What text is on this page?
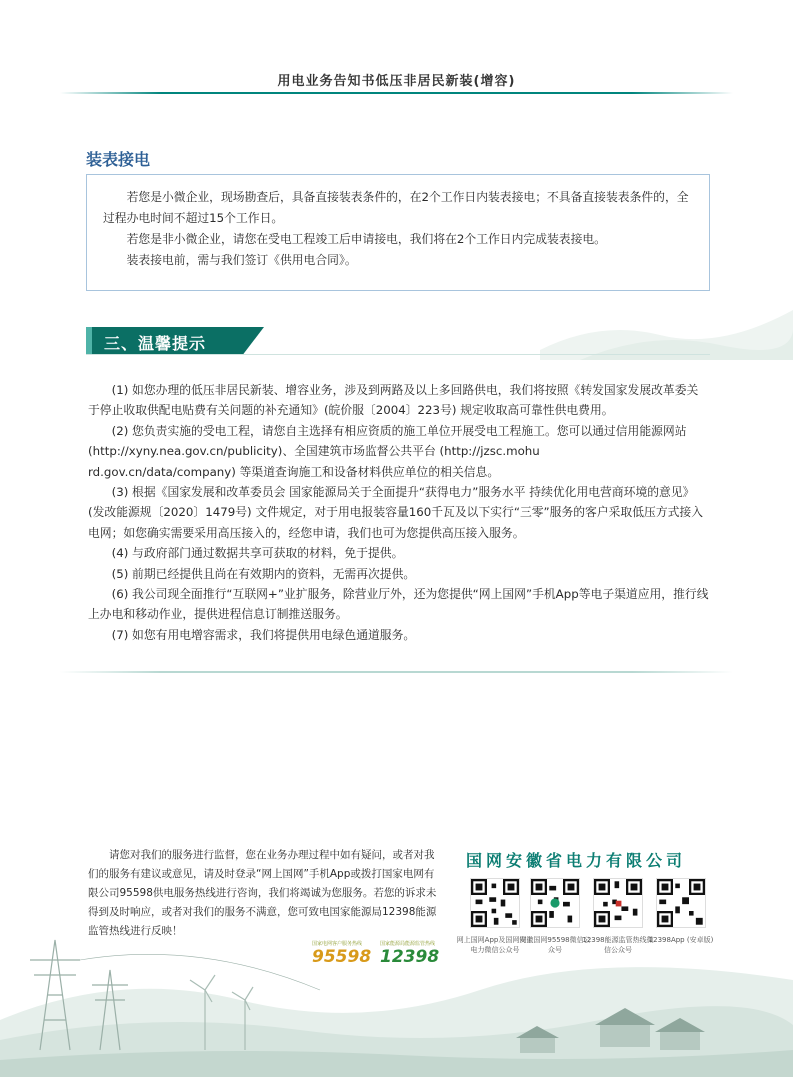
用电业务告知书低压非居民新装(增容)
装表接电

若您是小微企业，现场勘查后，具备直接装表条件的，在2个工作日内装表接电；不具备直接装表条件的，全过程办电时间不超过15个工作日。

若您是非小微企业，请您在受电工程竣工后申请接电，我们将在2个工作日内完成装表接电。

装表接电前，需与我们签订《供用电合同》。

三、温馨提示

(1) 如您办理的低压非居民新装、增容业务，涉及到两路及以上多回路供电，我们将按照《转发国家发展改革委关于停止收取供配电贴费有关问题的补充通知》(皖价服〔2004〕223号) 规定收取高可靠性供电费用。

(2) 您负责实施的受电工程，请您自主选择有相应资质的施工单位开展受电工程施工。您可以通过信用能源网站 (http://xyny.nea.gov.cn/publicity)、全国建筑市场监督公共平台 (http://jzsc.mohu

rd.gov.cn/data/company) 等渠道查询施工和设备材料供应单位的相关信息。

(3) 根据《国家发展和改革委员会 国家能源局关于全面提升“获得电力”服务水平 持续优化用电营商环境的意见》(发改能源规〔2020〕1479号) 文件规定，对于用电报装容量160千瓦及以下实行“三零”服务的客户采取低压方式接入电网；如您确实需要采用高压接入的，经您申请，我们也可为您提供高压接入服务。

(4) 与政府部门通过数据共享可获取的材料，免于提供。

(5) 前期已经提供且尚在有效期内的资料，无需再次提供。

(6) 我公司现全面推行“互联网+”业扩服务，除营业厅外，还为您提供“网上国网”手机App等电子渠道应用，推行线上办电和移动作业，提供进程信息订制推送服务。

(7) 如您有用电增容需求，我们将提供用电绿色通道服务。

请您对我们的服务进行监督，您在业务办理过程中如有疑问，或者对我们的服务有建议或意见，请及时登录“网上国网”手机App或拨打国家电网有限公司95598供电服务热线进行咨询，我们将竭诚为您服务。若您的诉求未得到及时响应，或者对我们的服务不满意，您可致电国家能源局12398能源监管热线进行反映！

国家电网客户服务热线
95598
国家能源局能源监管热线
12398
国网安徽省电力有限公司
网上国网App及国网安徽电力微信公众号
网上国网95598微信公众号
12398能源监管热线微信公众号
12398App (安卓版)
